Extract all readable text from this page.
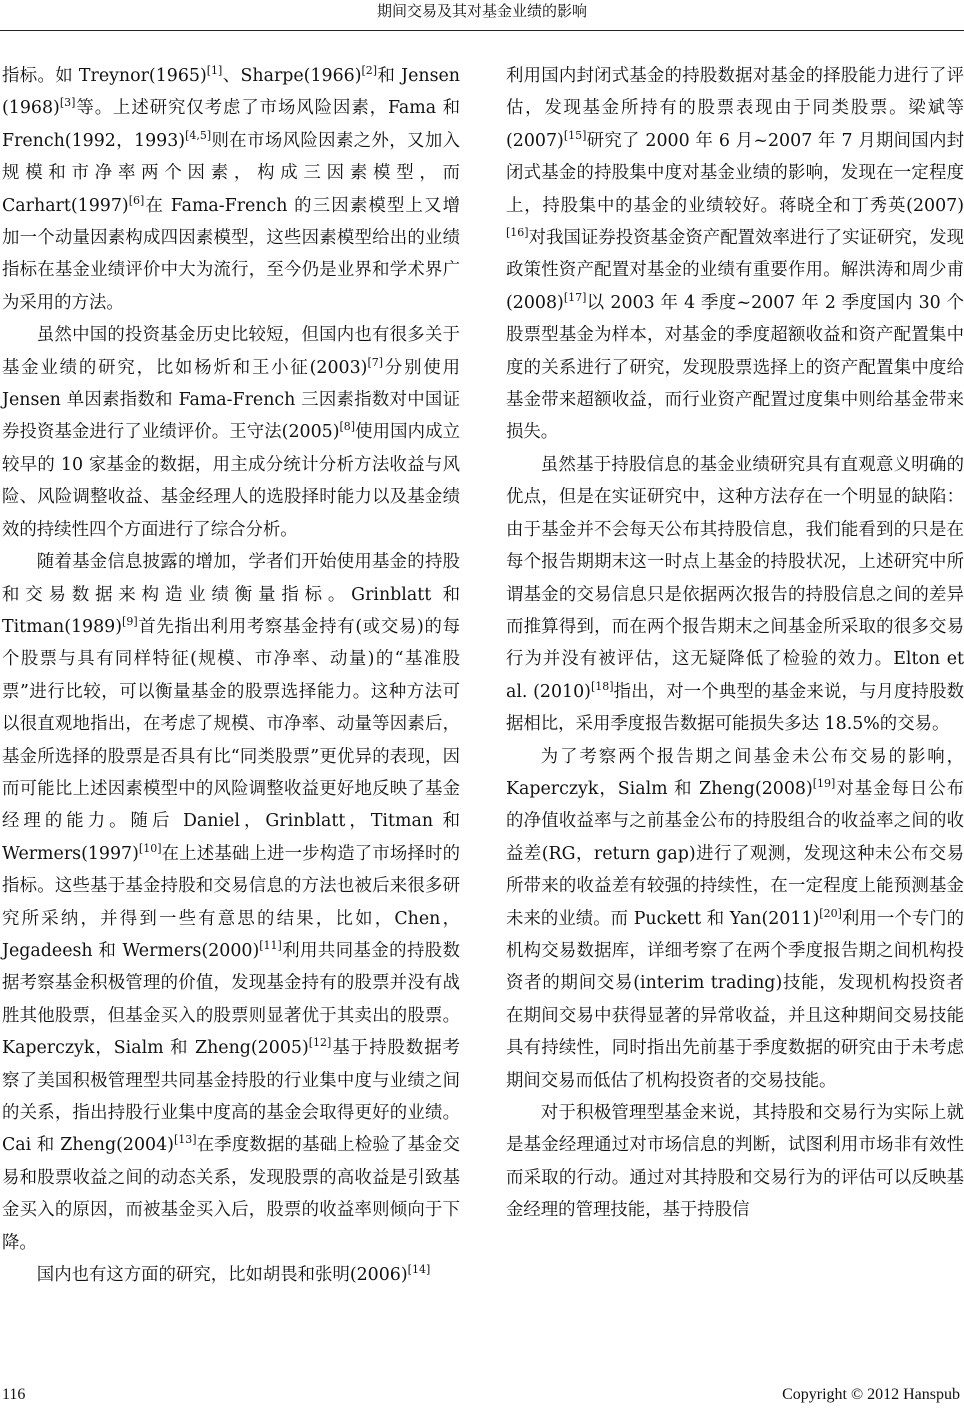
期间交易及其对基金业绩的影响

指标。如 Treynor(1965)[1]、Sharpe(1966)[2]和 Jensen (1968)[3]等。上述研究仅考虑了市场风险因素，Fama 和 French(1992，1993)[4,5]则在市场风险因素之外，又加入规模和市净率两个因素，构成三因素模型，而 Carhart(1997)[6]在 Fama-French 的三因素模型上又增加一个动量因素构成四因素模型，这些因素模型给出的业绩指标在基金业绩评价中大为流行，至今仍是业界和学术界广为采用的方法。

虽然中国的投资基金历史比较短，但国内也有很多关于基金业绩的研究，比如杨炘和王小征(2003)[7]分别使用 Jensen 单因素指数和 Fama-French 三因素指数对中国证券投资基金进行了业绩评价。王守法(2005)[8]使用国内成立较早的 10 家基金的数据，用主成分统计分析方法收益与风险、风险调整收益、基金经理人的选股择时能力以及基金绩效的持续性四个方面进行了综合分析。

随着基金信息披露的增加，学者们开始使用基金的持股和交易数据来构造业绩衡量指标。Grinblatt 和 Titman(1989)[9]首先指出利用考察基金持有(或交易)的每个股票与具有同样特征(规模、市净率、动量)的“基准股票”进行比较，可以衡量基金的股票选择能力。这种方法可以很直观地指出，在考虑了规模、市净率、动量等因素后，基金所选择的股票是否具有比“同类股票”更优异的表现，因而可能比上述因素模型中的风险调整收益更好地反映了基金经理的能力。随后 Daniel，Grinblatt，Titman 和 Wermers(1997)[10]在上述基础上进一步构造了市场择时的指标。这些基于基金持股和交易信息的方法也被后来很多研究所采纳，并得到一些有意思的结果，比如，Chen，Jegadeesh 和 Wermers(2000)[11]利用共同基金的持股数据考察基金积极管理的价值，发现基金持有的股票并没有战胜其他股票，但基金买入的股票则显著优于其卖出的股票。Kaperczyk，Sialm 和 Zheng(2005)[12]基于持股数据考察了美国积极管理型共同基金持股的行业集中度与业绩之间的关系，指出持股行业集中度高的基金会取得更好的业绩。Cai 和 Zheng(2004)[13]在季度数据的基础上检验了基金交易和股票收益之间的动态关系，发现股票的高收益是引致基金买入的原因，而被基金买入后，股票的收益率则倾向于下降。

国内也有这方面的研究，比如胡畏和张明(2006)[14]

利用国内封闭式基金的持股数据对基金的择股能力进行了评估，发现基金所持有的股票表现由于同类股票。梁斌等(2007)[15]研究了 2000 年 6 月~2007 年 7 月期间国内封闭式基金的持股集中度对基金业绩的影响，发现在一定程度上，持股集中的基金的业绩较好。蒋晓全和丁秀英(2007)[16]对我国证券投资基金资产配置效率进行了实证研究，发现政策性资产配置对基金的业绩有重要作用。解洪涛和周少甫(2008)[17]以 2003 年 4 季度~2007 年 2 季度国内 30 个股票型基金为样本，对基金的季度超额收益和资产配置集中度的关系进行了研究，发现股票选择上的资产配置集中度给基金带来超额收益，而行业资产配置过度集中则给基金带来损失。

虽然基于持股信息的基金业绩研究具有直观意义明确的优点，但是在实证研究中，这种方法存在一个明显的缺陷：由于基金并不会每天公布其持股信息，我们能看到的只是在每个报告期期末这一时点上基金的持股状况，上述研究中所谓基金的交易信息只是依据两次报告的持股信息之间的差异而推算得到，而在两个报告期末之间基金所采取的很多交易行为并没有被评估，这无疑降低了检验的效力。Elton et al. (2010)[18]指出，对一个典型的基金来说，与月度持股数据相比，采用季度报告数据可能损失多达 18.5%的交易。

为了考察两个报告期之间基金未公布交易的影响，Kaperczyk，Sialm 和 Zheng(2008)[19]对基金每日公布的净值收益率与之前基金公布的持股组合的收益率之间的收益差(RG，return gap)进行了观测，发现这种未公布交易所带来的收益差有较强的持续性，在一定程度上能预测基金未来的业绩。而 Puckett 和 Yan(2011)[20]利用一个专门的机构交易数据库，详细考察了在两个季度报告期之间机构投资者的期间交易(interim trading)技能，发现机构投资者在期间交易中获得显著的异常收益，并且这种期间交易技能具有持续性，同时指出先前基于季度数据的研究由于未考虑期间交易而低估了机构投资者的交易技能。

对于积极管理型基金来说，其持股和交易行为实际上就是基金经理通过对市场信息的判断，试图利用市场非有效性而采取的行动。通过对其持股和交易行为的评估可以反映基金经理的管理技能，基于持股信

116	Copyright © 2012 Hanspub
